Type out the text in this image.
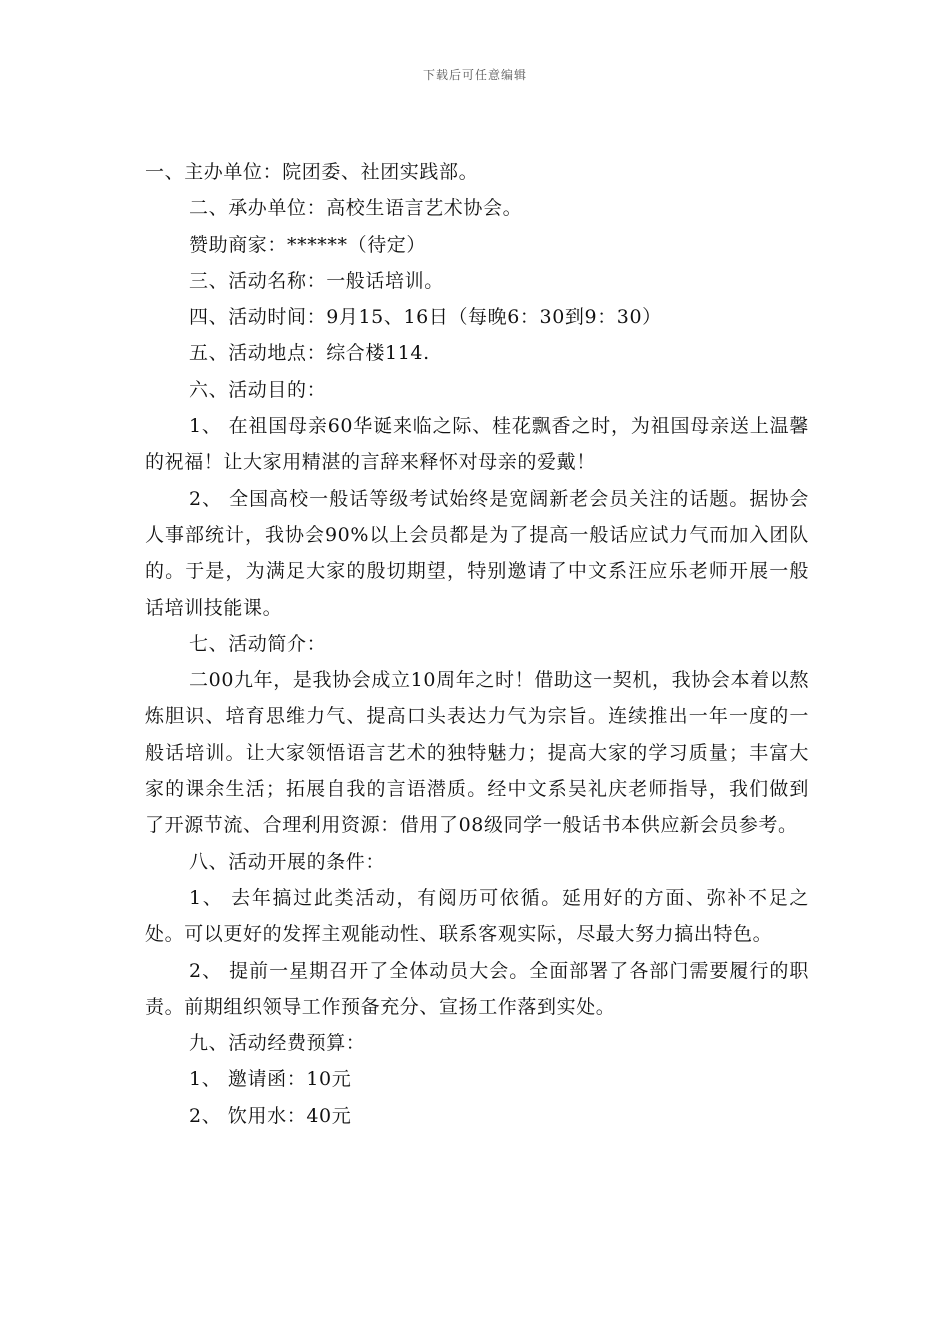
下载后可任意编辑

一、主办单位：院团委、社团实践部。

二、承办单位：高校生语言艺术协会。

赞助商家：******（待定）

三、活动名称：一般话培训。

四、活动时间：9月15、16日（每晚6：30到9：30）

五、活动地点：综合楼114.

六、活动目的：

1、 在祖国母亲60华诞来临之际、桂花飘香之时，为祖国母亲送上温馨的祝福！让大家用精湛的言辞来释怀对母亲的爱戴！

2、 全国高校一般话等级考试始终是宽阔新老会员关注的话题。据协会人事部统计，我协会90%以上会员都是为了提高一般话应试力气而加入团队的。于是，为满足大家的殷切期望，特别邀请了中文系汪应乐老师开展一般话培训技能课。

七、活动简介：

二00九年，是我协会成立10周年之时！借助这一契机，我协会本着以熬炼胆识、培育思维力气、提高口头表达力气为宗旨。连续推出一年一度的一般话培训。让大家领悟语言艺术的独特魅力；提高大家的学习质量；丰富大家的课余生活；拓展自我的言语潜质。经中文系吴礼庆老师指导，我们做到了开源节流、合理利用资源：借用了08级同学一般话书本供应新会员参考。

八、活动开展的条件：

1、 去年搞过此类活动，有阅历可依循。延用好的方面、弥补不足之处。可以更好的发挥主观能动性、联系客观实际，尽最大努力搞出特色。

2、 提前一星期召开了全体动员大会。全面部署了各部门需要履行的职责。前期组织领导工作预备充分、宣扬工作落到实处。

九、活动经费预算：

1、 邀请函：10元

2、 饮用水：40元
